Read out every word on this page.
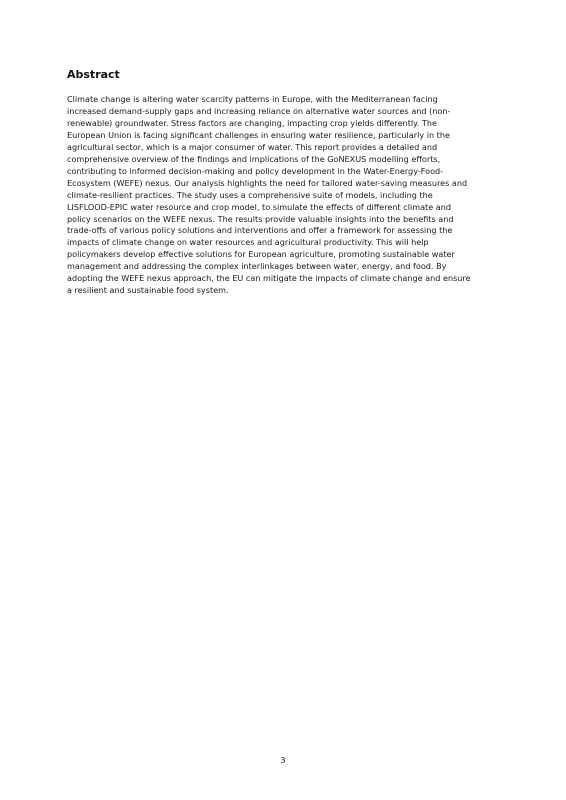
Abstract
Climate change is altering water scarcity patterns in Europe, with the Mediterranean facing
increased demand-supply gaps and increasing reliance on alternative water sources and (non-
renewable) groundwater. Stress factors are changing, impacting crop yields differently. The
European Union is facing significant challenges in ensuring water resilience, particularly in the
agricultural sector, which is a major consumer of water. This report provides a detailed and
comprehensive overview of the findings and implications of the GoNEXUS modelling efforts,
contributing to informed decision-making and policy development in the Water-Energy-Food-
Ecosystem (WEFE) nexus. Our analysis highlights the need for tailored water-saving measures and
climate-resilient practices. The study uses a comprehensive suite of models, including the
LISFLOOD-EPIC water resource and crop model, to simulate the effects of different climate and
policy scenarios on the WEFE nexus. The results provide valuable insights into the benefits and
trade-offs of various policy solutions and interventions and offer a framework for assessing the
impacts of climate change on water resources and agricultural productivity. This will help
policymakers develop effective solutions for European agriculture, promoting sustainable water
management and addressing the complex interlinkages between water, energy, and food. By
adopting the WEFE nexus approach, the EU can mitigate the impacts of climate change and ensure
a resilient and sustainable food system.
3
